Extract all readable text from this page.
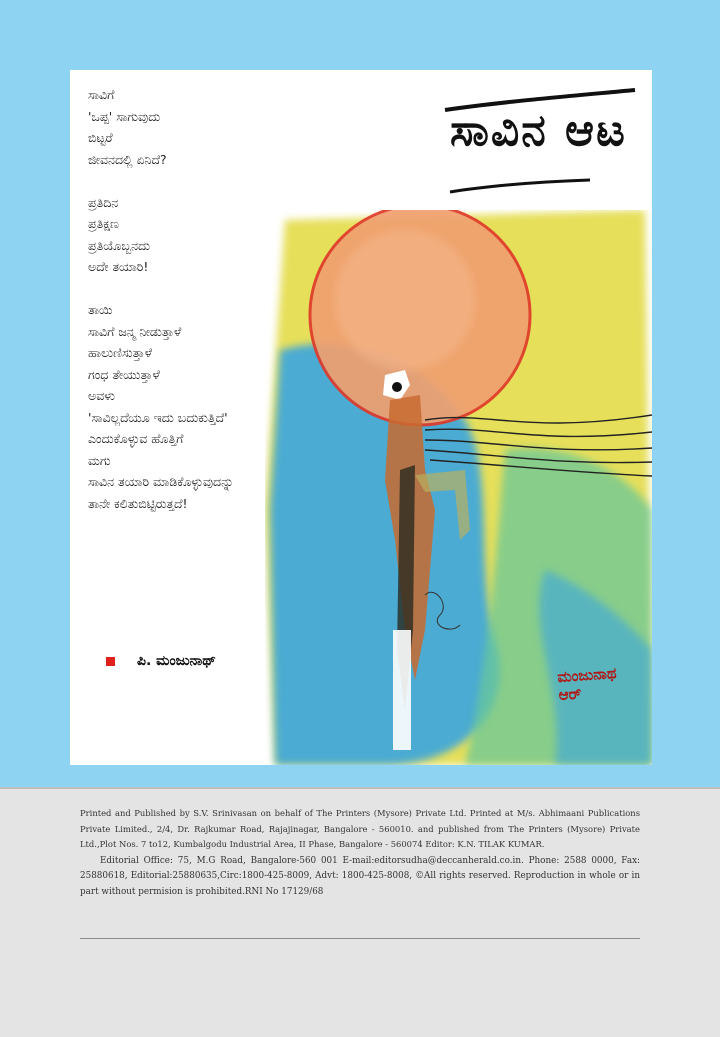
ಸಾವಿಗೆ
'ಒಪ್ಪ' ಸಾಗುವುದು
ಬಿಟ್ಟರೆ
ಜೀವನದಲ್ಲಿ ಏನಿದೆ?
ಪ್ರತಿದಿನ
ಪ್ರತಿಕ್ಷಣ
ಪ್ರತಿಯೊಬ್ಬನದು
ಅದೇ ತಯಾರಿ!
ತಾಯಿ
ಸಾವಿಗೆ ಜನ್ಮ ನೀಡುತ್ತಾಳೆ
ಹಾಲುಣಿಸುತ್ತಾಳೆ
ಗಂಧ ತೇಯುತ್ತಾಳೆ
ಅವಳು
'ಸಾವಿಲ್ಲದೆಯೂ ಇದು ಬದುಕುತ್ತಿದೆ'
ಎಂದುಕೊಳ್ಳುವ ಹೊತ್ತಿಗೆ
ಮಗು
ಸಾವಿನ ತಯಾರಿ ಮಾಡಿಕೊಳ್ಳುವುದನ್ನು
ತಾನೇ ಕಲಿತುಬಿಟ್ಟಿರುತ್ತದೆ!
ಪಿ. ಮಂಜುನಾಥ್
ಸಾವಿನ ಆಟ
ಮಂಜುನಾಥ
ಆರ್

Printed and Published by S.V. Srinivasan on behalf of The Printers (Mysore) Private Ltd. Printed at M/s. Abhimaani Publications Private Limited., 2/4, Dr. Rajkumar Road, Rajajinagar, Bangalore - 560010. and published from The Printers (Mysore) Private Ltd.,Plot Nos. 7 to12, Kumbalgodu Industrial Area, II Phase, Bangalore - 560074 Editor: K.N. TILAK KUMAR.

Editorial Office: 75, M.G Road, Bangalore-560 001 E-mail:editorsudha@deccanherald.co.in. Phone: 2588 0000, Fax: 25880618, Editorial:25880635,Circ:1800-425-8009, Advt: 1800-425-8008, ©All rights reserved. Reproduction in whole or in part without permision is prohibited.RNI No 17129/68
